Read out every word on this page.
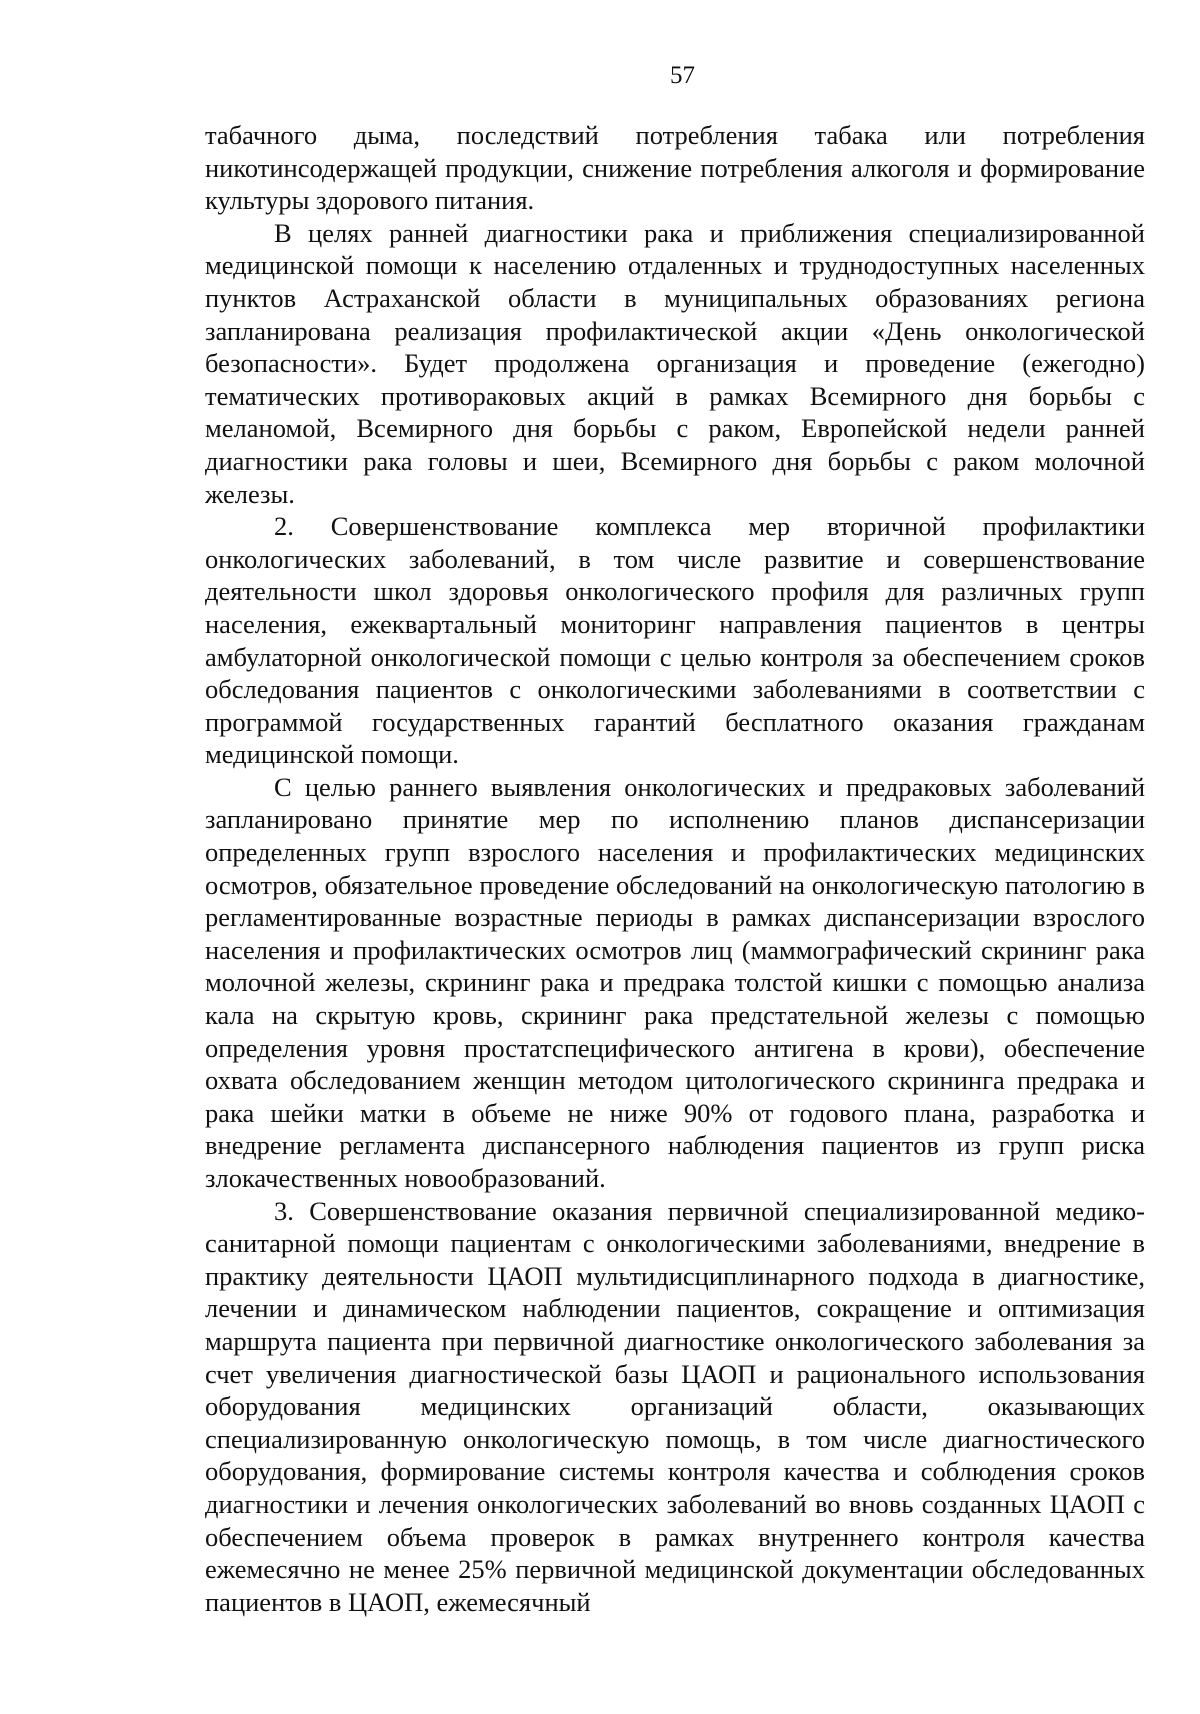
57

табачного дыма, последствий потребления табака или потребления никотинсодержащей продукции, снижение потребления алкоголя и формирование культуры здорового питания.

В целях ранней диагностики рака и приближения специализированной медицинской помощи к населению отдаленных и труднодоступных населенных пунктов Астраханской области в муниципальных образованиях региона запланирована реализация профилактической акции «День онкологической безопасности». Будет продолжена организация и проведение (ежегодно) тематических противораковых акций в рамках Всемирного дня борьбы с меланомой, Всемирного дня борьбы с раком, Европейской недели ранней диагностики рака головы и шеи, Всемирного дня борьбы с раком молочной железы.

2. Совершенствование комплекса мер вторичной профилактики онкологических заболеваний, в том числе развитие и совершенствование деятельности школ здоровья онкологического профиля для различных групп населения, ежеквартальный мониторинг направления пациентов в центры амбулаторной онкологической помощи с целью контроля за обеспечением сроков обследования пациентов с онкологическими заболеваниями в соответствии с программой государственных гарантий бесплатного оказания гражданам медицинской помощи.

С целью раннего выявления онкологических и предраковых заболеваний запланировано принятие мер по исполнению планов диспансеризации определенных групп взрослого населения и профилактических медицинских осмотров, обязательное проведение обследований на онкологическую патологию в регламентированные возрастные периоды в рамках диспансеризации взрослого населения и профилактических осмотров лиц (маммографический скрининг рака молочной железы, скрининг рака и предрака толстой кишки с помощью анализа кала на скрытую кровь, скрининг рака предстательной железы с помощью определения уровня простатспецифического антигена в крови), обеспечение охвата обследованием женщин методом цитологического скрининга предрака и рака шейки матки в объеме не ниже 90% от годового плана, разработка и внедрение регламента диспансерного наблюдения пациентов из групп риска злокачественных новообразований.

3. Совершенствование оказания первичной специализированной медико-санитарной помощи пациентам с онкологическими заболеваниями, внедрение в практику деятельности ЦАОП мультидисциплинарного подхода в диагностике, лечении и динамическом наблюдении пациентов, сокращение и оптимизация маршрута пациента при первичной диагностике онкологического заболевания за счет увеличения диагностической базы ЦАОП и рационального использования оборудования медицинских организаций области, оказывающих специализированную онкологическую помощь, в том числе диагностического оборудования, формирование системы контроля качества и соблюдения сроков диагностики и лечения онкологических заболеваний во вновь созданных ЦАОП с обеспечением объема проверок в рамках внутреннего контроля качества ежемесячно не менее 25% первичной медицинской документации обследованных пациентов в ЦАОП, ежемесячный
